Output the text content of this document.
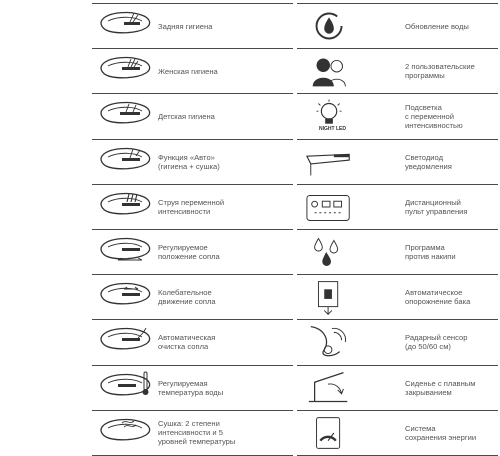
Задняя гигиена
Женская гигиена
Детская гигиена
Функция «Авто»
(гигиена + сушка)
Струя переменной
интенсивности
Регулируемое
положение сопла
Колебательное
движение сопла
Автоматическая
очистка сопла
Регулируемая
температура воды
Сушка: 2 степени
интенсивности и 5
уровней температуры
Обновление воды
2 пользовательские
программы
NIGHT LED
Подсветка
с переменной
интенсивностью
Светодиод
уведомления
Дистанционный
пульт управления
Программа
против накипи
Автоматическое
опорожнение бака
Радарный сенсор
(до 50/60 см)
Сиденье с плавным
закрыванием
Система
сохранения энергии
